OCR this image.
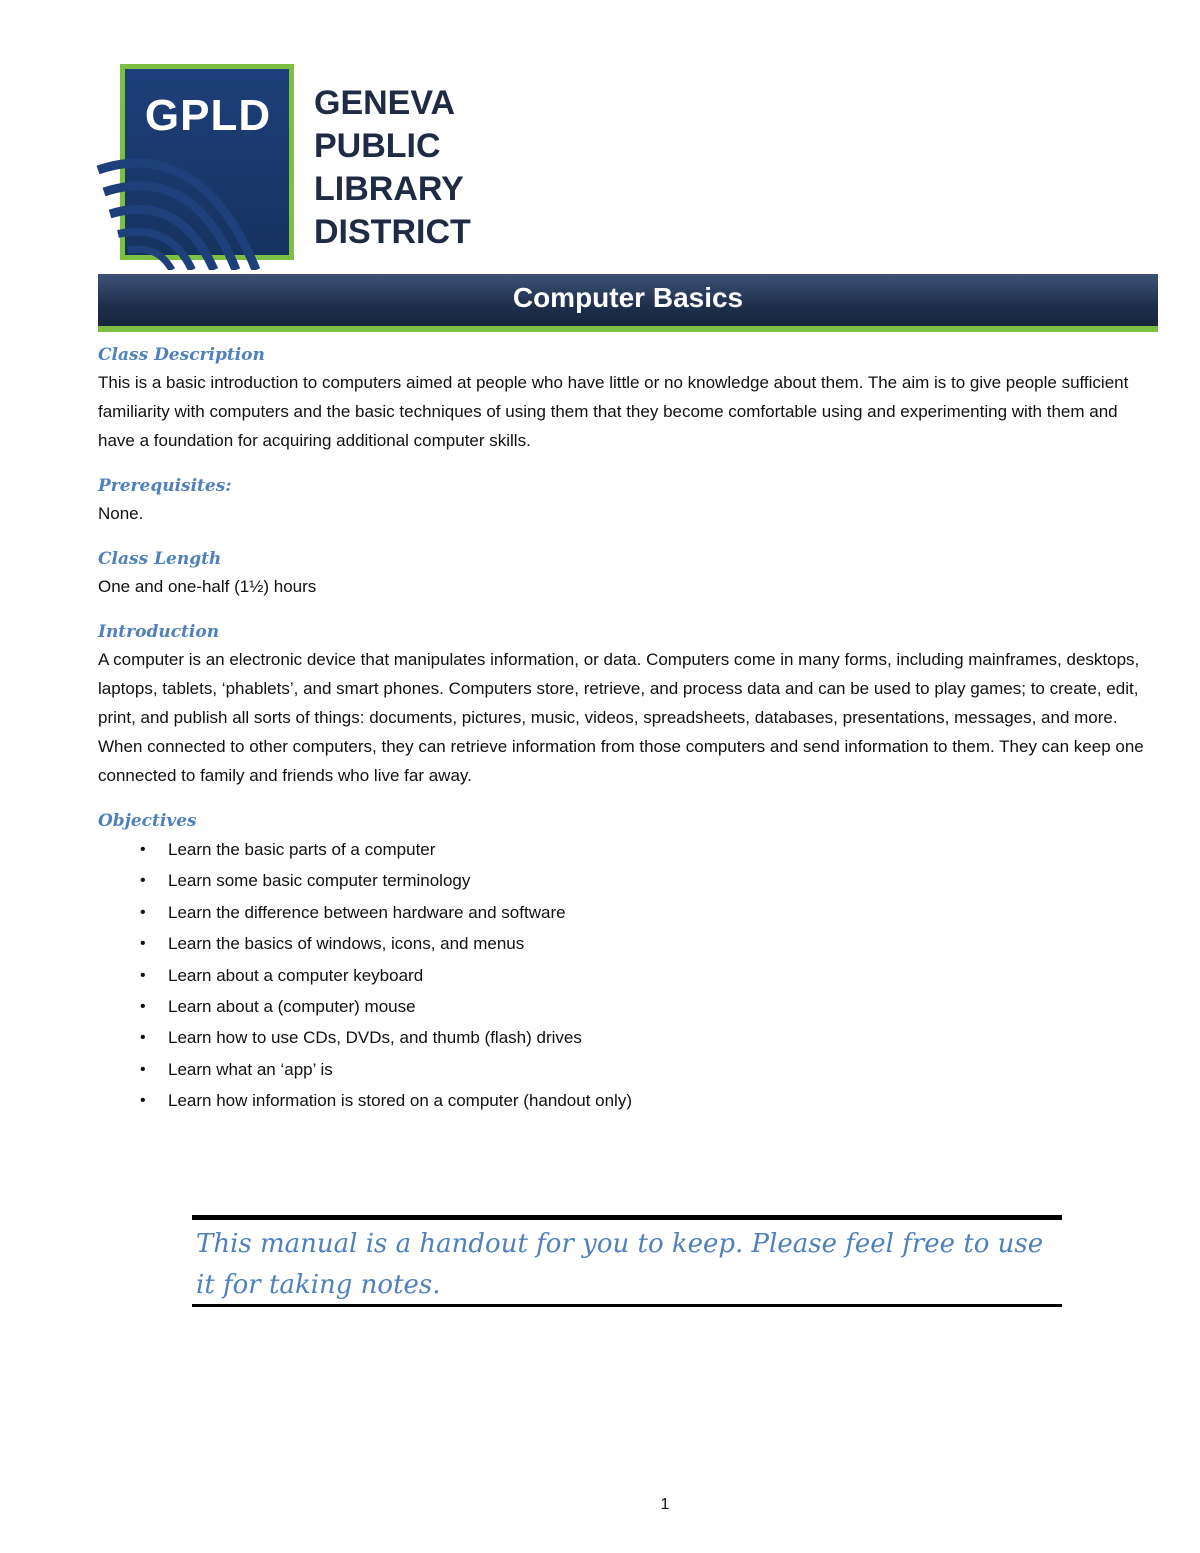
GPLD	GENEVA
PUBLIC
LIBRARY
DISTRICT
Computer Basics

Class Description

This is a basic introduction to computers aimed at people who have little or no knowledge about them. The aim is to give people sufficient familiarity with computers and the basic techniques of using them that they become comfortable using and experimenting with them and have a foundation for acquiring additional computer skills.

Prerequisites:

None.

Class Length

One and one-half (1½) hours

Introduction

A computer is an electronic device that manipulates information, or data. Computers come in many forms, including mainframes, desktops, laptops, tablets, ‘phablets’, and smart phones. Computers store, retrieve, and process data and can be used to play games; to create, edit, print, and publish all sorts of things: documents, pictures, music, videos, spreadsheets, databases, presentations, messages, and more. When connected to other computers, they can retrieve information from those computers and send information to them. They can keep one connected to family and friends who live far away.

Objectives

• Learn the basic parts of a computer
• Learn some basic computer terminology
• Learn the difference between hardware and software
• Learn the basics of windows, icons, and menus
• Learn about a computer keyboard
• Learn about a (computer) mouse
• Learn how to use CDs, DVDs, and thumb (flash) drives
• Learn what an ‘app’ is
• Learn how information is stored on a computer (handout only)
This manual is a handout for you to keep. Please feel free to use it for taking notes.
1
